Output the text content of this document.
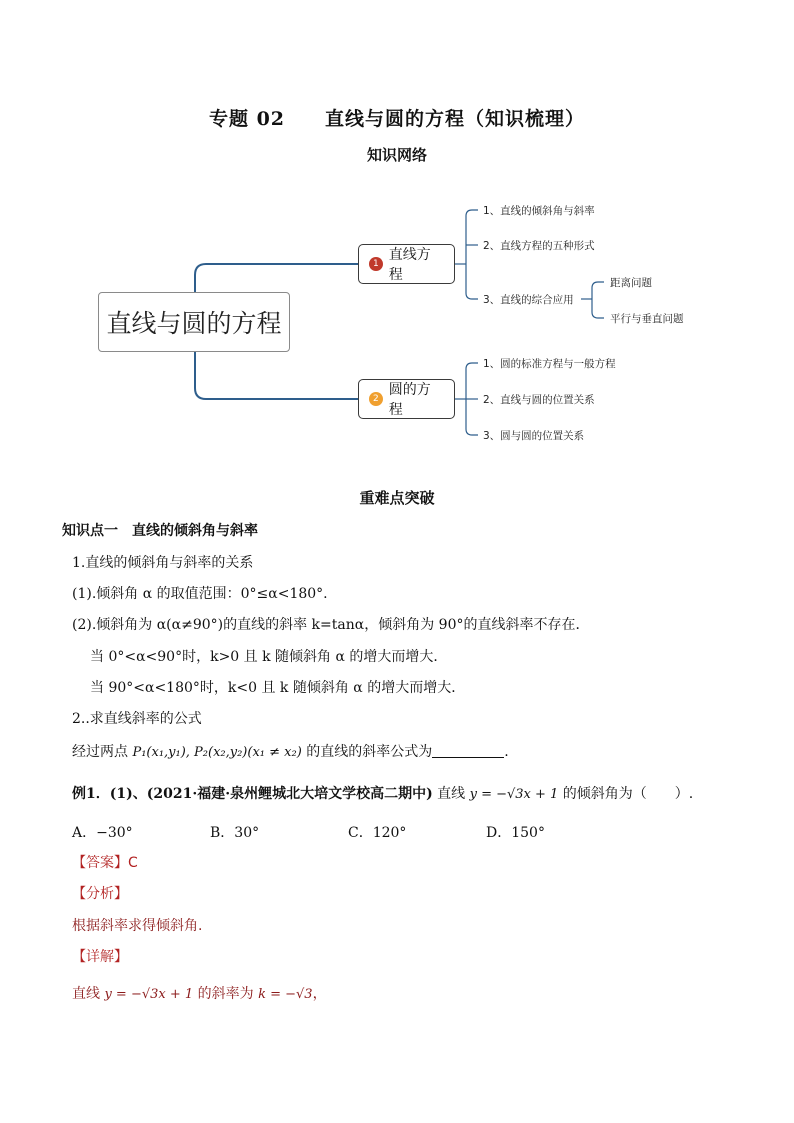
专题 02　　直线与圆的方程（知识梳理）
知识网络
直线与圆的方程
1
直线方程
2
圆的方程
1、直线的倾斜角与斜率
2、直线方程的五种形式
3、直线的综合应用
距离问题
平行与垂直问题
1、圆的标准方程与一般方程
2、直线与圆的位置关系
3、圆与圆的位置关系
重难点突破
知识点一　直线的倾斜角与斜率
1.直线的倾斜角与斜率的关系
(1).倾斜角 α 的取值范围：0°≤α<180°.
(2).倾斜角为 α(α≠90°)的直线的斜率 k=tanα，倾斜角为 90°的直线斜率不存在．
当 0°<α<90°时，k>0 且 k 随倾斜角 α 的增大而增大．
当 90°<α<180°时，k<0 且 k 随倾斜角 α 的增大而增大．
2..求直线斜率的公式
经过两点 P₁(x₁,y₁), P₂(x₂,y₂)(x₁ ≠ x₂) 的直线的斜率公式为	.
例1．(1)、(2021·福建·泉州鲤城北大培文学校高二期中) 直线 y = −√3x + 1 的倾斜角为（　　）.
A．−30°	B．30°	C．120°	D．150°
【答案】C
【分析】
根据斜率求得倾斜角.
【详解】
直线 y = −√3x + 1 的斜率为 k = −√3，
